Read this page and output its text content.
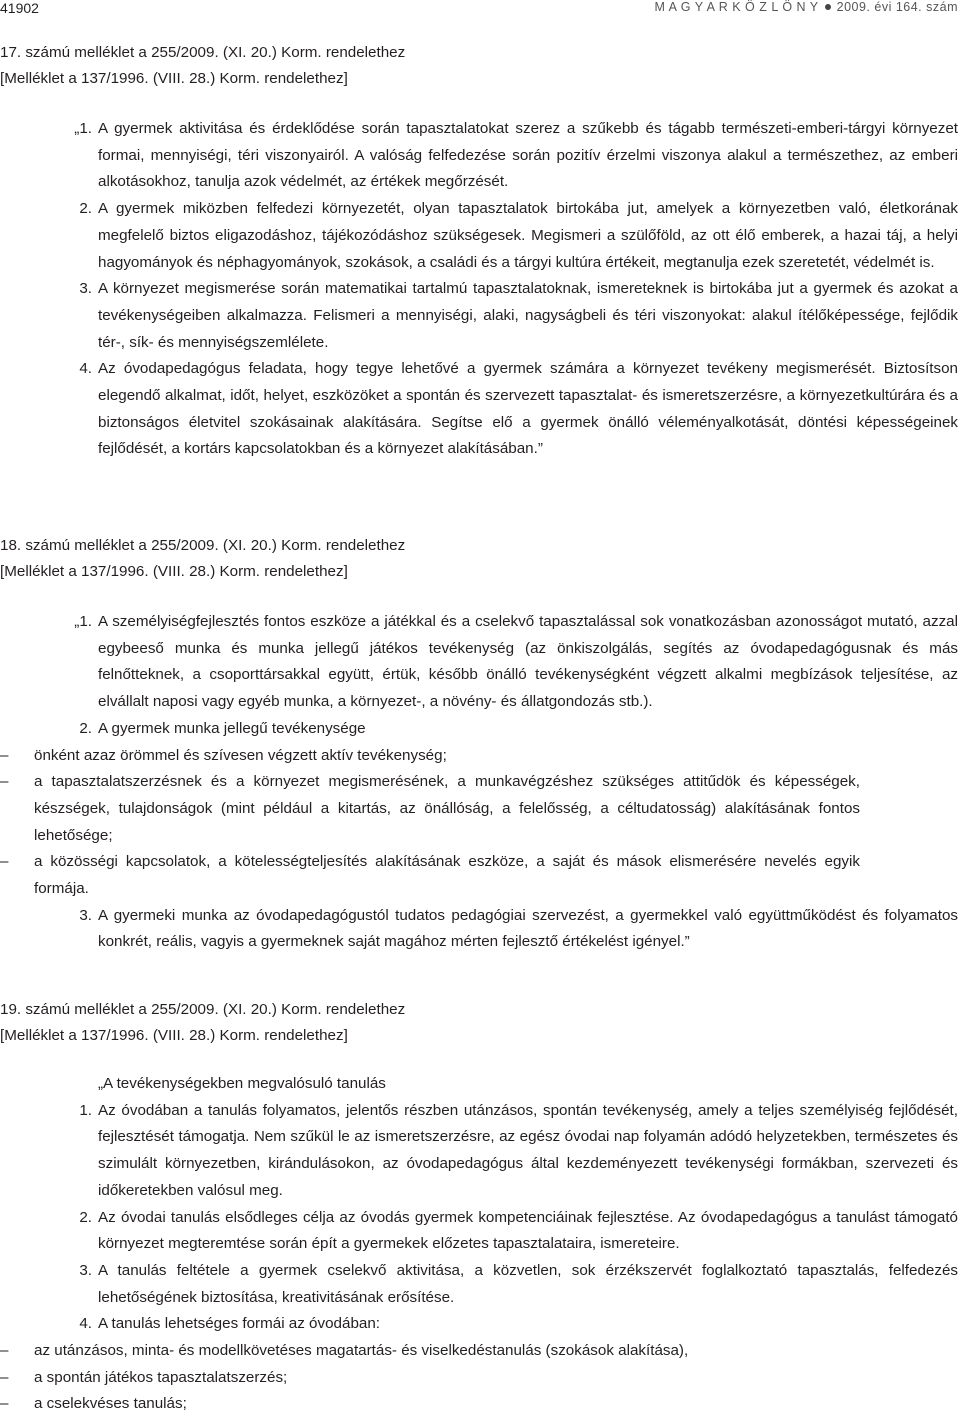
41902	M A G Y A R K Ö Z L Ö N Y 2009. évi 164. szám
17. számú melléklet a 255/2009. (XI. 20.) Korm. rendelethez
[Melléklet a 137/1996. (VIII. 28.) Korm. rendelethez]
„1. A gyermek aktivitása és érdeklődése során tapasztalatokat szerez a szűkebb és tágabb természeti-emberi-tárgyi környezet formai, mennyiségi, téri viszonyairól. A valóság felfedezése során pozitív érzelmi viszonya alakul a természethez, az emberi alkotásokhoz, tanulja azok védelmét, az értékek megőrzését.
2. A gyermek miközben felfedezi környezetét, olyan tapasztalatok birtokába jut, amelyek a környezetben való, életkorának megfelelő biztos eligazodáshoz, tájékozódáshoz szükségesek. Megismeri a szülőföld, az ott élő emberek, a hazai táj, a helyi hagyományok és néphagyományok, szokások, a családi és a tárgyi kultúra értékeit, megtanulja ezek szeretetét, védelmét is.
3. A környezet megismerése során matematikai tartalmú tapasztalatoknak, ismereteknek is birtokába jut a gyermek és azokat a tevékenységeiben alkalmazza. Felismeri a mennyiségi, alaki, nagyságbeli és téri viszonyokat: alakul ítélőképessége, fejlődik tér-, sík- és mennyiségszemlélete.
4. Az óvodapedagógus feladata, hogy tegye lehetővé a gyermek számára a környezet tevékeny megismerését. Biztosítson elegendő alkalmat, időt, helyet, eszközöket a spontán és szervezett tapasztalat- és ismeretszerzésre, a környezetkultúrára és a biztonságos életvitel szokásainak alakítására. Segítse elő a gyermek önálló véleményalkotását, döntési képességeinek fejlődését, a kortárs kapcsolatokban és a környezet alakításában.”
18. számú melléklet a 255/2009. (XI. 20.) Korm. rendelethez
[Melléklet a 137/1996. (VIII. 28.) Korm. rendelethez]
„1. A személyiségfejlesztés fontos eszköze a játékkal és a cselekvő tapasztalással sok vonatkozásban azonosságot mutató, azzal egybeeső munka és munka jellegű játékos tevékenység (az önkiszolgálás, segítés az óvodapedagógusnak és más felnőtteknek, a csoporttársakkal együtt, értük, később önálló tevékenységként végzett alkalmi megbízások teljesítése, az elvállalt naposi vagy egyéb munka, a környezet-, a növény- és állatgondozás stb.).
2. A gyermek munka jellegű tevékenysége
–	önként azaz örömmel és szívesen végzett aktív tevékenység;
–	a tapasztalatszerzésnek és a környezet megismerésének, a munkavégzéshez szükséges attitűdök és képességek, készségek, tulajdonságok (mint például a kitartás, az önállóság, a felelősség, a céltudatosság) alakításának fontos lehetősége;
–	a közösségi kapcsolatok, a kötelességteljesítés alakításának eszköze, a saját és mások elismerésére nevelés egyik formája.
3. A gyermeki munka az óvodapedagógustól tudatos pedagógiai szervezést, a gyermekkel való együttműködést és folyamatos konkrét, reális, vagyis a gyermeknek saját magához mérten fejlesztő értékelést igényel.”
19. számú melléklet a 255/2009. (XI. 20.) Korm. rendelethez
[Melléklet a 137/1996. (VIII. 28.) Korm. rendelethez]
„A tevékenységekben megvalósuló tanulás
1. Az óvodában a tanulás folyamatos, jelentős részben utánzásos, spontán tevékenység, amely a teljes személyiség fejlődését, fejlesztését támogatja. Nem szűkül le az ismeretszerzésre, az egész óvodai nap folyamán adódó helyzetekben, természetes és szimulált környezetben, kirándulásokon, az óvodapedagógus által kezdeményezett tevékenységi formákban, szervezeti és időkeretekben valósul meg.
2. Az óvodai tanulás elsődleges célja az óvodás gyermek kompetenciáinak fejlesztése. Az óvodapedagógus a tanulást támogató környezet megteremtése során épít a gyermekek előzetes tapasztalataira, ismereteire.
3. A tanulás feltétele a gyermek cselekvő aktivitása, a közvetlen, sok érzékszervét foglalkoztató tapasztalás, felfedezés lehetőségének biztosítása, kreativitásának erősítése.
4. A tanulás lehetséges formái az óvodában:
–	az utánzásos, minta- és modellkövetéses magatartás- és viselkedéstanulás (szokások alakítása),
–	a spontán játékos tapasztalatszerzés;
–	a cselekvéses tanulás;
